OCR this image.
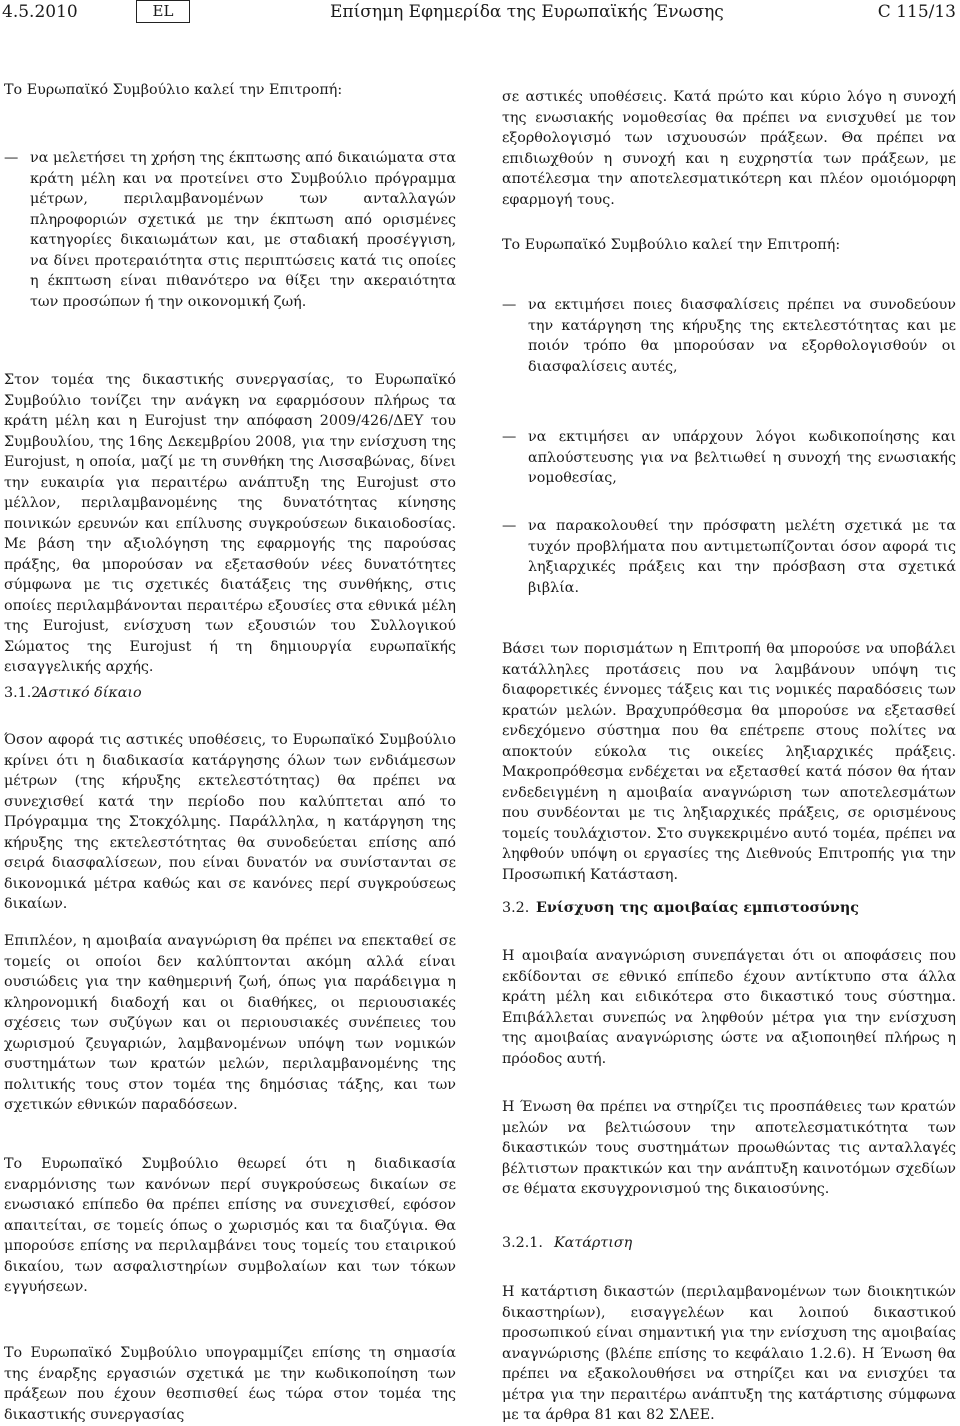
4.5.2010	EL	Επίσημη Εφημερίδα της Ευρωπαϊκής Ένωσης	C 115/13

Το Ευρωπαϊκό Συμβούλιο καλεί την Επιτροπή:

— να μελετήσει τη χρήση της έκπτωσης από δικαιώματα στα κράτη μέλη και να προτείνει στο Συμβούλιο πρόγραμμα μέτρων, περιλαμβανομένων των ανταλλαγών πληροφοριών σχετικά με την έκπτωση από ορισμένες κατηγορίες δικαιωμάτων και, με σταδιακή προσέγγιση, να δίνει προτεραιότητα στις περιπτώσεις κατά τις οποίες η έκπτωση είναι πιθανότερο να θίξει την ακεραιότητα των προσώπων ή την οικονομική ζωή.

Στον τομέα της δικαστικής συνεργασίας, το Ευρωπαϊκό Συμβούλιο τονίζει την ανάγκη να εφαρμόσουν πλήρως τα κράτη μέλη και η Eurojust την απόφαση 2009/426/ΔΕΥ του Συμβουλίου, της 16ης Δεκεμβρίου 2008, για την ενίσχυση της Eurojust, η οποία, μαζί με τη συνθήκη της Λισσαβώνας, δίνει την ευκαιρία για περαιτέρω ανάπτυξη της Eurojust στο μέλλον, περιλαμβανομένης της δυνατότητας κίνησης ποινικών ερευνών και επίλυσης συγκρούσεων δικαιοδοσίας. Με βάση την αξιολόγηση της εφαρμογής της παρούσας πράξης, θα μπορούσαν να εξετασθούν νέες δυνατότητες σύμφωνα με τις σχετικές διατάξεις της συνθήκης, στις οποίες περιλαμβάνονται περαιτέρω εξουσίες στα εθνικά μέλη της Eurojust, ενίσχυση των εξουσιών του Συλλογικού Σώματος της Eurojust ή τη δημιουργία ευρωπαϊκής εισαγγελικής αρχής.

3.1.2.
Αστικό δίκαιο

Όσον αφορά τις αστικές υποθέσεις, το Ευρωπαϊκό Συμβούλιο κρίνει ότι η διαδικασία κατάργησης όλων των ενδιάμεσων μέτρων (της κήρυξης εκτελεστότητας) θα πρέπει να συνεχισθεί κατά την περίοδο που καλύπτεται από το Πρόγραμμα της Στοκχόλμης. Παράλληλα, η κατάργηση της κήρυξης της εκτελεστότητας θα συνοδεύεται επίσης από σειρά διασφαλίσεων, που είναι δυνατόν να συνίστανται σε δικονομικά μέτρα καθώς και σε κανόνες περί συγκρούσεως δικαίων.

Επιπλέον, η αμοιβαία αναγνώριση θα πρέπει να επεκταθεί σε τομείς οι οποίοι δεν καλύπτονται ακόμη αλλά είναι ουσιώδεις για την καθημερινή ζωή, όπως για παράδειγμα η κληρονομική διαδοχή και οι διαθήκες, οι περιουσιακές σχέσεις των συζύγων και οι περιουσιακές συνέπειες του χωρισμού ζευγαριών, λαμβανομένων υπόψη των νομικών συστημάτων των κρατών μελών, περιλαμβανομένης της πολιτικής τους στον τομέα της δημόσιας τάξης, και των σχετικών εθνικών παραδόσεων.

Το Ευρωπαϊκό Συμβούλιο θεωρεί ότι η διαδικασία εναρμόνισης των κανόνων περί συγκρούσεως δικαίων σε ενωσιακό επίπεδο θα πρέπει επίσης να συνεχισθεί, εφόσον απαιτείται, σε τομείς όπως ο χωρισμός και τα διαζύγια. Θα μπορούσε επίσης να περιλαμβάνει τους τομείς του εταιρικού δικαίου, των ασφαλιστηρίων συμβολαίων και των τόκων εγγυήσεων.

Το Ευρωπαϊκό Συμβούλιο υπογραμμίζει επίσης τη σημασία της έναρξης εργασιών σχετικά με την κωδικοποίηση των πράξεων που έχουν θεσπισθεί έως τώρα στον τομέα της δικαστικής συνεργασίας

σε αστικές υποθέσεις. Κατά πρώτο και κύριο λόγο η συνοχή της ενωσιακής νομοθεσίας θα πρέπει να ενισχυθεί με τον εξορθολογισμό των ισχυουσών πράξεων. Θα πρέπει να επιδιωχθούν η συνοχή και η ευχρηστία των πράξεων, με αποτέλεσμα την αποτελεσματικότερη και πλέον ομοιόμορφη εφαρμογή τους.

Το Ευρωπαϊκό Συμβούλιο καλεί την Επιτροπή:

— να εκτιμήσει ποιες διασφαλίσεις πρέπει να συνοδεύουν την κατάργηση της κήρυξης της εκτελεστότητας και με ποιόν τρόπο θα μπορούσαν να εξορθολογισθούν οι διασφαλίσεις αυτές,
— να εκτιμήσει αν υπάρχουν λόγοι κωδικοποίησης και απλούστευσης για να βελτιωθεί η συνοχή της ενωσιακής νομοθεσίας,
— να παρακολουθεί την πρόσφατη μελέτη σχετικά με τα τυχόν προβλήματα που αντιμετωπίζονται όσον αφορά τις ληξιαρχικές πράξεις και την πρόσβαση στα σχετικά βιβλία.

Βάσει των πορισμάτων η Επιτροπή θα μπορούσε να υποβάλει κατάλληλες προτάσεις που να λαμβάνουν υπόψη τις διαφορετικές έννομες τάξεις και τις νομικές παραδόσεις των κρατών μελών. Βραχυπρόθεσμα θα μπορούσε να εξετασθεί ενδεχόμενο σύστημα που θα επέτρεπε στους πολίτες να αποκτούν εύκολα τις οικείες ληξιαρχικές πράξεις. Μακροπρόθεσμα ενδέχεται να εξετασθεί κατά πόσον θα ήταν ενδεδειγμένη η αμοιβαία αναγνώριση των αποτελεσμάτων που συνδέονται με τις ληξιαρχικές πράξεις, σε ορισμένους τομείς τουλάχιστον. Στο συγκεκριμένο αυτό τομέα, πρέπει να ληφθούν υπόψη οι εργασίες της Διεθνούς Επιτροπής για την Προσωπική Κατάσταση.

3.2. Ενίσχυση της αμοιβαίας εμπιστοσύνης

Η αμοιβαία αναγνώριση συνεπάγεται ότι οι αποφάσεις που εκδίδονται σε εθνικό επίπεδο έχουν αντίκτυπο στα άλλα κράτη μέλη και ειδικότερα στο δικαστικό τους σύστημα. Επιβάλλεται συνεπώς να ληφθούν μέτρα για την ενίσχυση της αμοιβαίας αναγνώρισης ώστε να αξιοποιηθεί πλήρως η πρόοδος αυτή.

Η Ένωση θα πρέπει να στηρίζει τις προσπάθειες των κρατών μελών να βελτιώσουν την αποτελεσματικότητα των δικαστικών τους συστημάτων προωθώντας τις ανταλλαγές βέλτιστων πρακτικών και την ανάπτυξη καινοτόμων σχεδίων σε θέματα εκσυγχρονισμού της δικαιοσύνης.

3.2.1. Κατάρτιση

Η κατάρτιση δικαστών (περιλαμβανομένων των διοικητικών δικαστηρίων), εισαγγελέων και λοιπού δικαστικού προσωπικού είναι σημαντική για την ενίσχυση της αμοιβαίας αναγνώρισης (βλέπε επίσης το κεφάλαιο 1.2.6). Η Ένωση θα πρέπει να εξακολουθήσει να στηρίζει και να ενισχύει τα μέτρα για την περαιτέρω ανάπτυξη της κατάρτισης σύμφωνα με τα άρθρα 81 και 82 ΣΛΕΕ.
